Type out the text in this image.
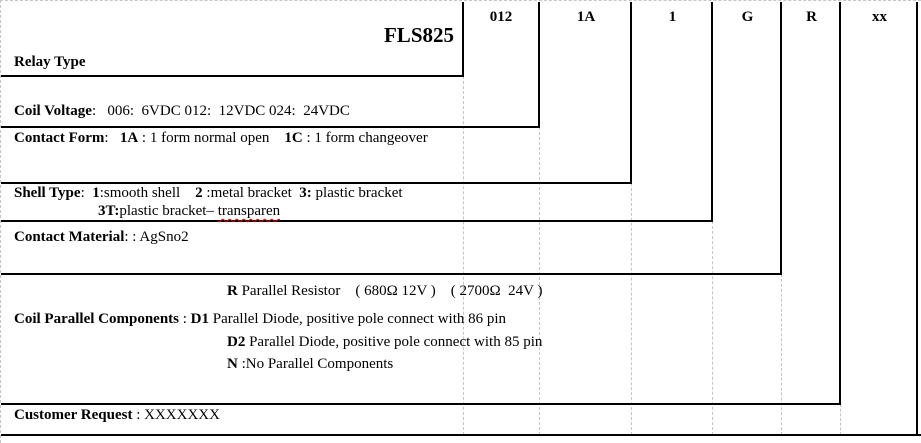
FLS825
012	1A	1	G	R	xx
Relay Type
Coil Voltage:   006:  6VDC 012:  12VDC 024:  24VDC
Contact Form:   1A : 1 form normal open    1C : 1 form changeover
Shell Type:  1:smooth shell    2 :metal bracket  3: plastic bracket
3T:plastic bracket– transparen
Contact Material: : AgSno2
R Parallel Resistor    ( 680Ω 12V )    ( 2700Ω  24V )
Coil Parallel Components : D1 Parallel Diode, positive pole connect with 86 pin
D2 Parallel Diode, positive pole connect with 85 pin
N :No Parallel Components
Customer Request : XXXXXXX
